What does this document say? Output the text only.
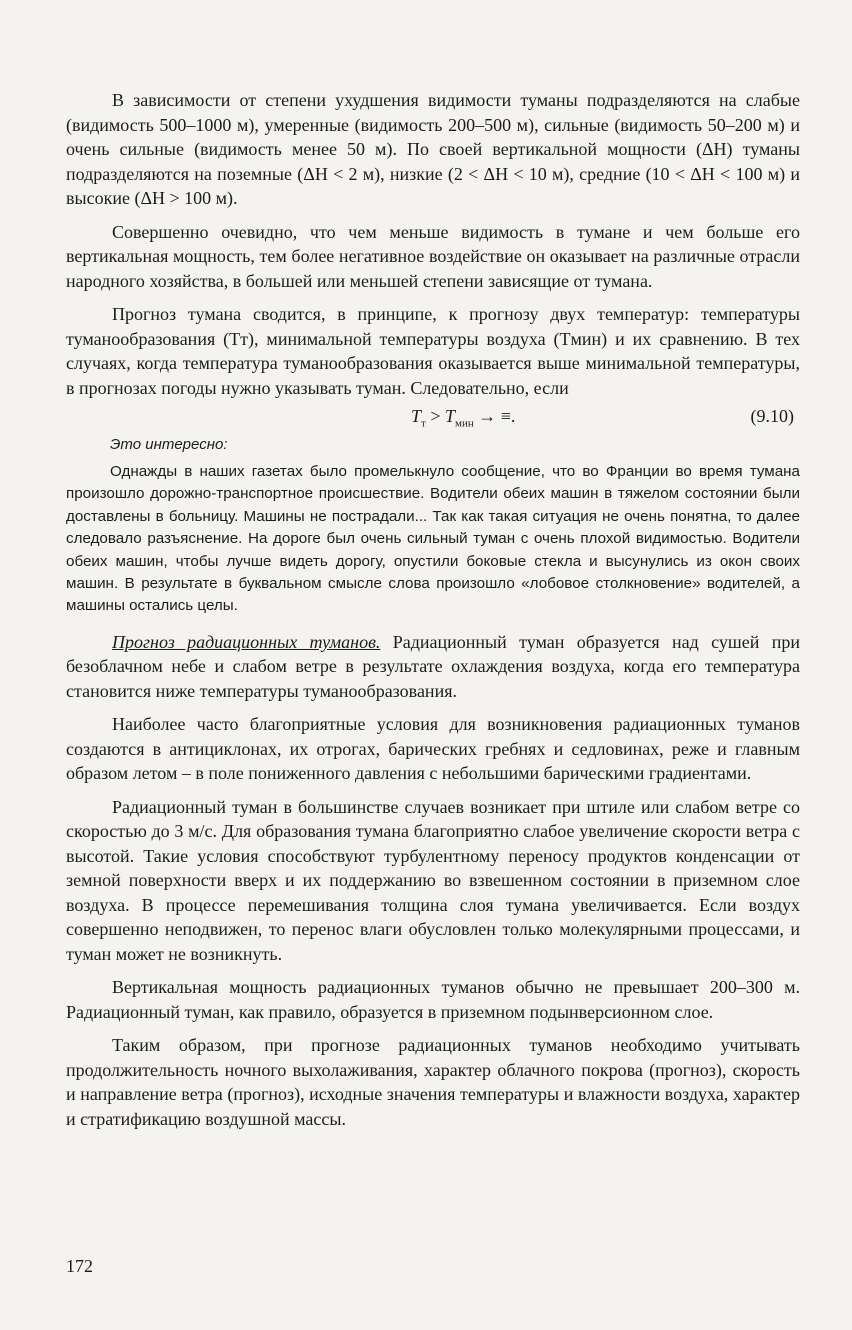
В зависимости от степени ухудшения видимости туманы подразделяются на слабые (видимость 500–1000 м), умеренные (видимость 200–500 м), сильные (видимость 50–200 м) и очень сильные (видимость менее 50 м). По своей вертикальной мощности (ΔH) туманы подразделяются на поземные (ΔH < 2 м), низкие (2 < ΔH < 10 м), средние (10 < ΔH < 100 м) и высокие (ΔH > 100 м).

Совершенно очевидно, что чем меньше видимость в тумане и чем больше его вертикальная мощность, тем более негативное воздействие он оказывает на различные отрасли народного хозяйства, в большей или меньшей степени зависящие от тумана.

Прогноз тумана сводится, в принципе, к прогнозу двух температур: температуры туманообразования (Tт), минимальной температуры воздуха (Tмин) и их сравнению. В тех случаях, когда температура туманообразования оказывается выше минимальной температуры, в прогнозах погоды нужно указывать туман. Следовательно, если

$T_т > T_{мин}$ → ≡.	(9.10)
Это интересно:
Однажды в наших газетах было промелькнуло сообщение, что во Франции во время тумана произошло дорожно-транспортное происшествие. Водители обеих машин в тяжелом состоянии были доставлены в больницу. Машины не пострадали... Так как такая ситуация не очень понятна, то далее следовало разъяснение. На дороге был очень сильный туман с очень плохой видимостью. Водители обеих машин, чтобы лучше видеть дорогу, опустили боковые стекла и высунулись из окон своих машин. В результате в буквальном смысле слова произошло «лобовое столкновение» водителей, а машины остались целы.

Прогноз радиационных туманов. Радиационный туман образуется над сушей при безоблачном небе и слабом ветре в результате охлаждения воздуха, когда его температура становится ниже температуры туманообразования.

Наиболее часто благоприятные условия для возникновения радиационных туманов создаются в антициклонах, их отрогах, барических гребнях и седловинах, реже и главным образом летом – в поле пониженного давления с небольшими барическими градиентами.

Радиационный туман в большинстве случаев возникает при штиле или слабом ветре со скоростью до 3 м/с. Для образования тумана благоприятно слабое увеличение скорости ветра с высотой. Такие условия способствуют турбулентному переносу продуктов конденсации от земной поверхности вверх и их поддержанию во взвешенном состоянии в приземном слое воздуха. В процессе перемешивания толщина слоя тумана увеличивается. Если воздух совершенно неподвижен, то перенос влаги обусловлен только молекулярными процессами, и туман может не возникнуть.

Вертикальная мощность радиационных туманов обычно не превышает 200–300 м. Радиационный туман, как правило, образуется в приземном подынверсионном слое.

Таким образом, при прогнозе радиационных туманов необходимо учитывать продолжительность ночного выхолаживания, характер облачного покрова (прогноз), скорость и направление ветра (прогноз), исходные значения температуры и влажности воздуха, характер и стратификацию воздушной массы.

172
